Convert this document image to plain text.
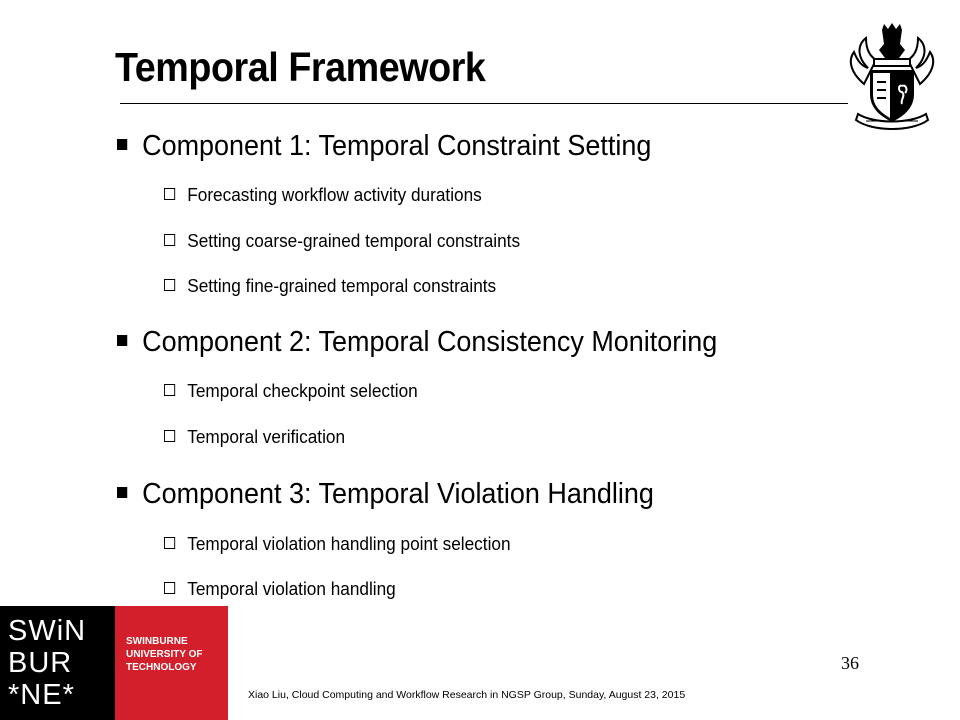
Temporal Framework
Component 1: Temporal Constraint Setting
Forecasting workflow activity durations
Setting coarse-grained temporal constraints
Setting fine-grained temporal constraints
Component 2: Temporal Consistency Monitoring
Temporal checkpoint selection
Temporal verification
Component 3: Temporal Violation Handling
Temporal violation handling point selection
Temporal violation handling
SWiN
BUR
*NE*
SWINBURNE
UNIVERSITY OF
TECHNOLOGY	36
Xiao Liu, Cloud Computing and Workflow Research in NGSP Group, Sunday, August 23, 2015
